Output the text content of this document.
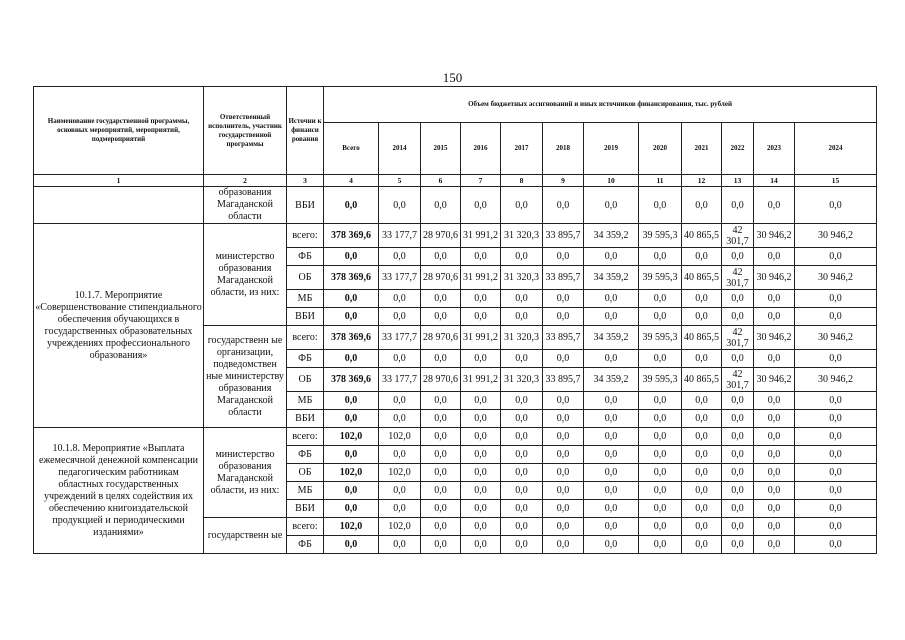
150
Наименование государственной программы, основных мероприятий, мероприятий, подмероприятий	Ответственный исполнитель, участник государственной программы	Источни к финанси рования	Объем бюджетных ассигнований и иных источников финансирования, тыс. рублей											
			Всего	2014	2015	2016	2017	2018	2019	2020	2021	2022	2023	2024
1	2	3	4	5	6	7	8	9	10	11	12	13	14	15
	образования Магаданской области	ВБИ	0,0	0,0	0,0	0,0	0,0	0,0	0,0	0,0	0,0	0,0	0,0	0,0
10.1.7. Мероприятие «Совершенствование стипендиального обеспечения обучающихся в государственных образовательных учреждениях профессионального образования»	министерство образования Магаданской области, из них:	всего:	378 369,6	33 177,7	28 970,6	31 991,2	31 320,3	33 895,7	34 359,2	39 595,3	40 865,5	42 301,7	30 946,2	30 946,2
		ФБ	0,0	0,0	0,0	0,0	0,0	0,0	0,0	0,0	0,0	0,0	0,0	0,0
		ОБ	378 369,6	33 177,7	28 970,6	31 991,2	31 320,3	33 895,7	34 359,2	39 595,3	40 865,5	42 301,7	30 946,2	30 946,2
		МБ	0,0	0,0	0,0	0,0	0,0	0,0	0,0	0,0	0,0	0,0	0,0	0,0
		ВБИ	0,0	0,0	0,0	0,0	0,0	0,0	0,0	0,0	0,0	0,0	0,0	0,0
	государственн ые организации, подведомствен ные министерству образования Магаданской области	всего:	378 369,6	33 177,7	28 970,6	31 991,2	31 320,3	33 895,7	34 359,2	39 595,3	40 865,5	42 301,7	30 946,2	30 946,2
		ФБ	0,0	0,0	0,0	0,0	0,0	0,0	0,0	0,0	0,0	0,0	0,0	0,0
		ОБ	378 369,6	33 177,7	28 970,6	31 991,2	31 320,3	33 895,7	34 359,2	39 595,3	40 865,5	42 301,7	30 946,2	30 946,2
		МБ	0,0	0,0	0,0	0,0	0,0	0,0	0,0	0,0	0,0	0,0	0,0	0,0
		ВБИ	0,0	0,0	0,0	0,0	0,0	0,0	0,0	0,0	0,0	0,0	0,0	0,0
10.1.8. Мероприятие «Выплата ежемесячной денежной компенсации педагогическим работникам областных государственных учреждений в целях содействия их обеспечению книгоиздательской продукцией и периодическими изданиями»	министерство образования Магаданской области, из них:	всего:	102,0	102,0	0,0	0,0	0,0	0,0	0,0	0,0	0,0	0,0	0,0	0,0
		ФБ	0,0	0,0	0,0	0,0	0,0	0,0	0,0	0,0	0,0	0,0	0,0	0,0
		ОБ	102,0	102,0	0,0	0,0	0,0	0,0	0,0	0,0	0,0	0,0	0,0	0,0
		МБ	0,0	0,0	0,0	0,0	0,0	0,0	0,0	0,0	0,0	0,0	0,0	0,0
		ВБИ	0,0	0,0	0,0	0,0	0,0	0,0	0,0	0,0	0,0	0,0	0,0	0,0
	государственн ые	всего:	102,0	102,0	0,0	0,0	0,0	0,0	0,0	0,0	0,0	0,0	0,0	0,0
		ФБ	0,0	0,0	0,0	0,0	0,0	0,0	0,0	0,0	0,0	0,0	0,0	0,0
